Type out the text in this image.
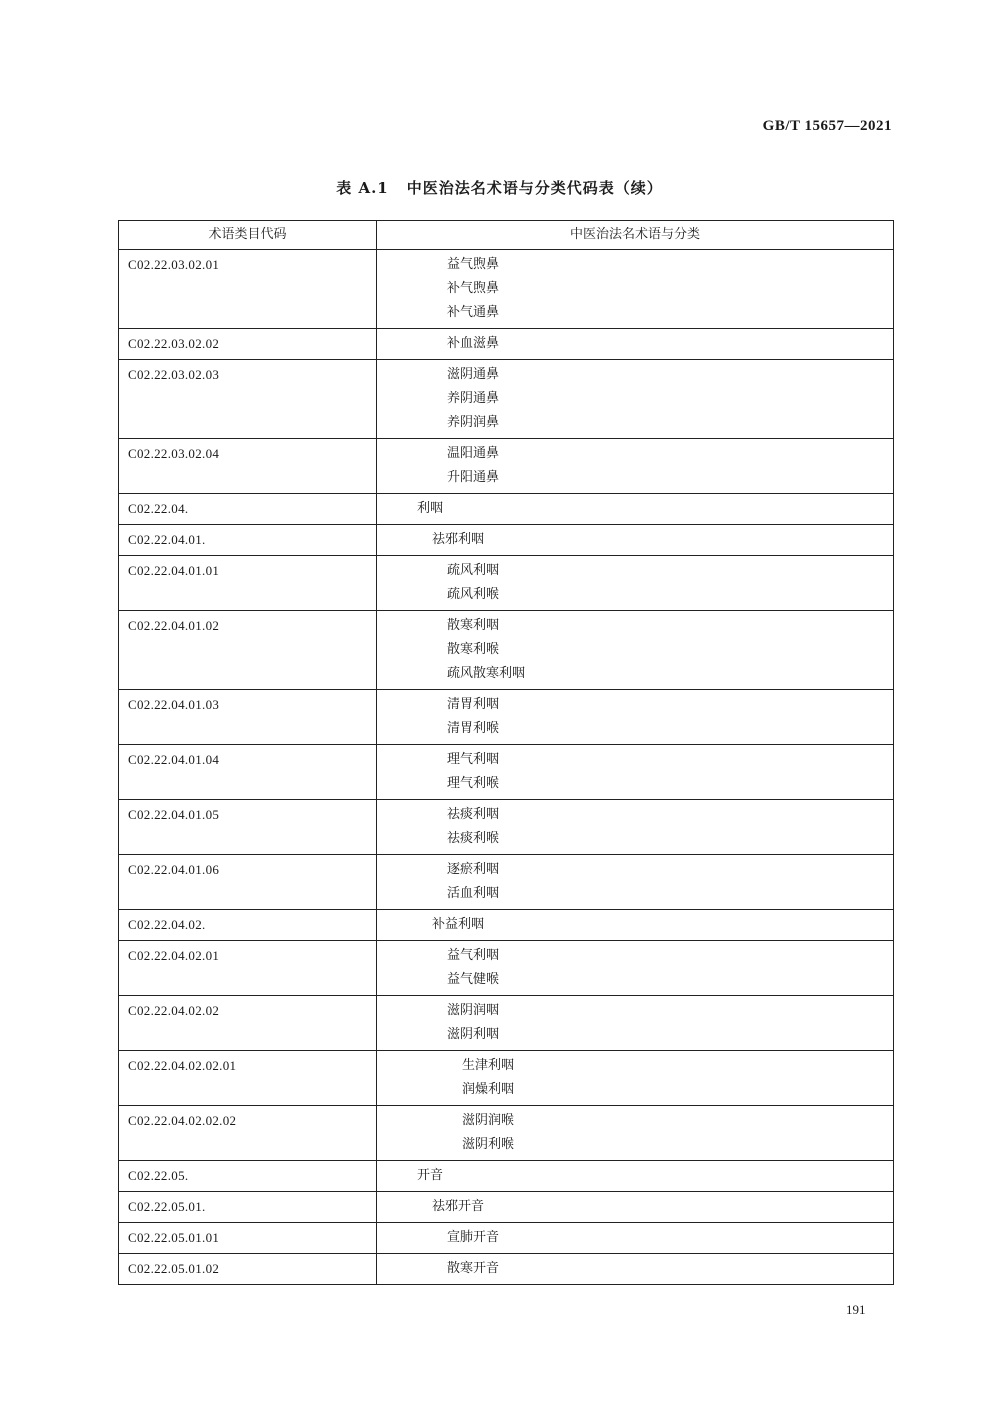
GB/T 15657—2021
表 A.1 中医治法名术语与分类代码表（续）
术语类目代码	中医治法名术语与分类
C02.22.03.02.01	益气煦鼻
补气煦鼻
补气通鼻

C02.22.03.02.02	补血滋鼻

C02.22.03.02.03	滋阴通鼻
养阴通鼻
养阴润鼻

C02.22.03.02.04	温阳通鼻
升阳通鼻

C02.22.04.	利咽

C02.22.04.01.	祛邪利咽

C02.22.04.01.01	疏风利咽
疏风利喉

C02.22.04.01.02	散寒利咽
散寒利喉
疏风散寒利咽

C02.22.04.01.03	清胃利咽
清胃利喉

C02.22.04.01.04	理气利咽
理气利喉

C02.22.04.01.05	祛痰利咽
祛痰利喉

C02.22.04.01.06	逐瘀利咽
活血利咽

C02.22.04.02.	补益利咽

C02.22.04.02.01	益气利咽
益气健喉

C02.22.04.02.02	滋阴润咽
滋阴利咽

C02.22.04.02.02.01	生津利咽
润燥利咽

C02.22.04.02.02.02	滋阴润喉
滋阴利喉

C02.22.05.	开音

C02.22.05.01.	祛邪开音

C02.22.05.01.01	宣肺开音

C02.22.05.01.02	散寒开音
191
